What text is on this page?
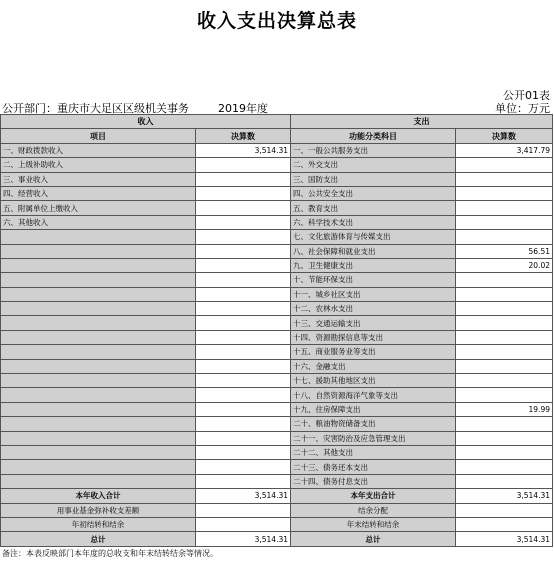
收入支出决算总表
公开01表
公开部门：重庆市大足区区级机关事务	2019年度	单位：万元
收入		支出	
项目	决算数	功能分类科目	决算数
一、财政拨款收入	3,514.31	一、一般公共服务支出	3,417.79
二、上级补助收入		二、外交支出	
三、事业收入		三、国防支出	
四、经营收入		四、公共安全支出	
五、附属单位上缴收入		五、教育支出	
六、其他收入		六、科学技术支出	
		七、文化旅游体育与传媒支出	
		八、社会保障和就业支出	56.51
		九、卫生健康支出	20.02
		十、节能环保支出	
		十一、城乡社区支出	
		十二、农林水支出	
		十三、交通运输支出	
		十四、资源勘探信息等支出	
		十五、商业服务业等支出	
		十六、金融支出	
		十七、援助其他地区支出	
		十八、自然资源海洋气象等支出	
		十九、住房保障支出	19.99
		二十、粮油物资储备支出	
		二十一、灾害防治及应急管理支出	
		二十二、其他支出	
		二十三、债务还本支出	
		二十四、债务付息支出	
本年收入合计	3,514.31	本年支出合计	3,514.31
用事业基金弥补收支差额		结余分配	
年初结转和结余		年末结转和结余	
总计	3,514.31	总计	3,514.31
备注：本表反映部门本年度的总收支和年末结转结余等情况。
